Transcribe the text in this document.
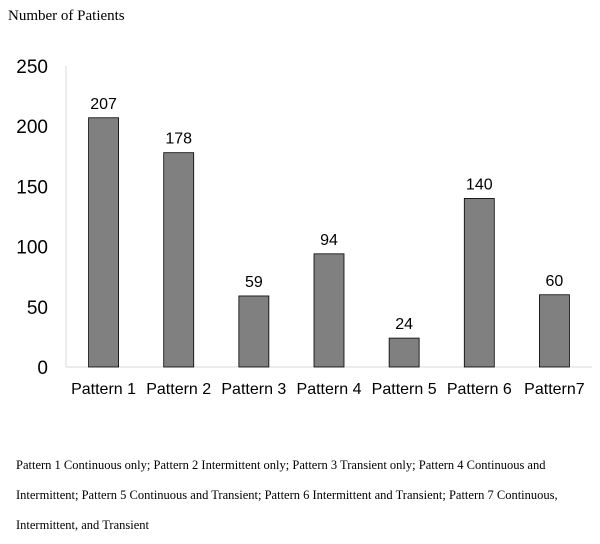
Number of Patients
0
50
100
150
200
250
207
178
59
94
24
140
60
Pattern 1 Pattern 2 Pattern 3 Pattern 4 Pattern 5 Pattern 6 Pattern7

Pattern 1 Continuous only; Pattern 2 Intermittent only; Pattern 3 Transient only; Pattern 4 Continuous and Intermittent; Pattern 5 Continuous and Transient; Pattern 6 Intermittent and Transient; Pattern 7 Continuous, Intermittent, and Transient
